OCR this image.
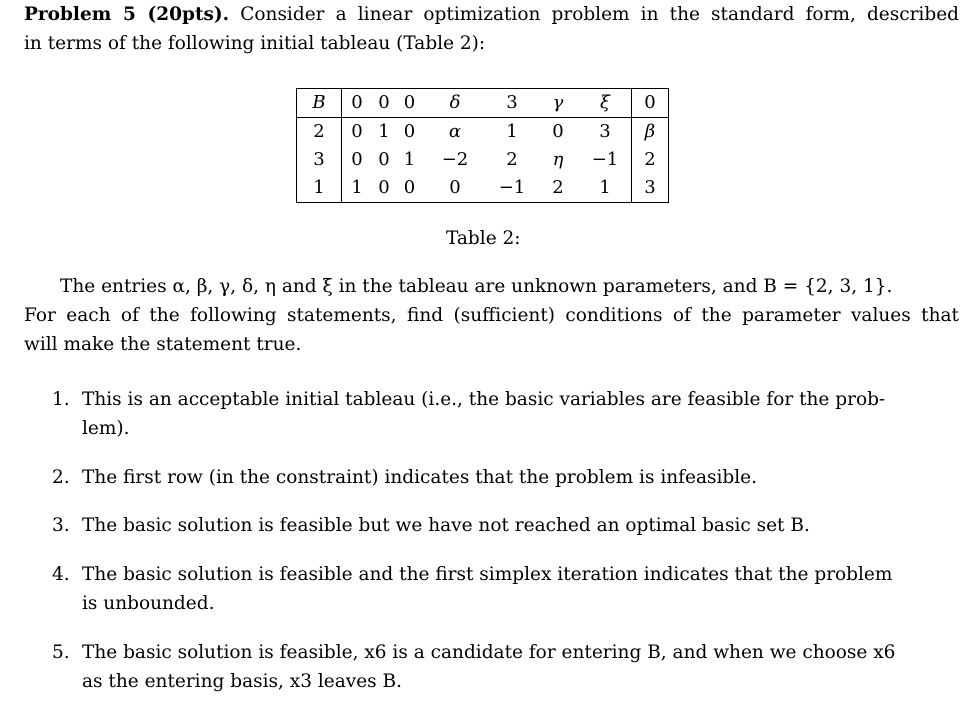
Problem 5 (20pts). Consider a linear optimization problem in the standard form, described
in terms of the following initial tableau (Table 2):
B	0	0	0	δ	3	γ	ξ	0
2	0	1	0	α	1	0	3	β
3	0	0	1	−2	2	η	−1	2
1	1	0	0	0	−1	2	1	3
Table 2:
The entries α, β, γ, δ, η and ξ in the tableau are unknown parameters, and B = {2, 3, 1}.
For each of the following statements, find (sufficient) conditions of the parameter values that
will make the statement true.
1. This is an acceptable initial tableau (i.e., the basic variables are feasible for the prob-
lem).
2. The first row (in the constraint) indicates that the problem is infeasible.
3. The basic solution is feasible but we have not reached an optimal basic set B.
4. The basic solution is feasible and the first simplex iteration indicates that the problem
is unbounded.
5. The basic solution is feasible, x6 is a candidate for entering B, and when we choose x6
as the entering basis, x3 leaves B.
